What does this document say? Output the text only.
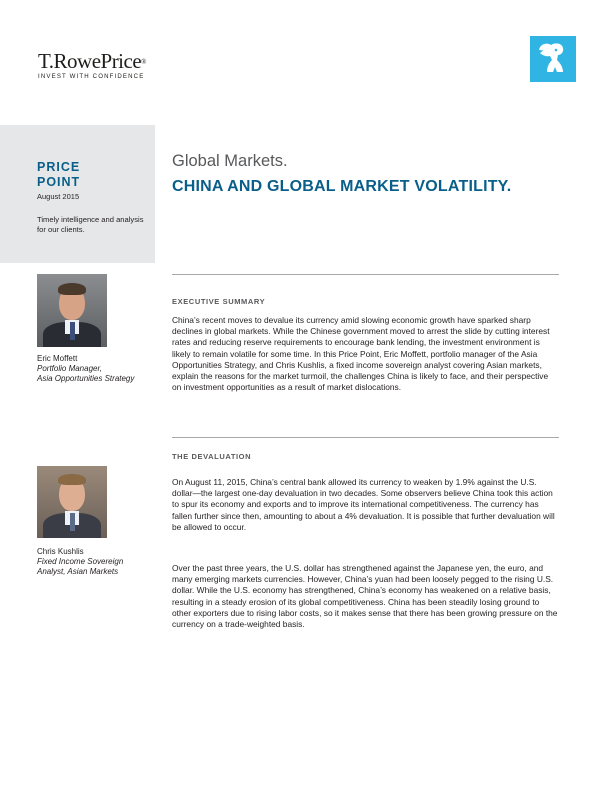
T.RowePrice®
INVEST WITH CONFIDENCE
PRICE
POINT
August 2015
Timely intelligence and analysis for our clients.
Global Markets.
CHINA AND GLOBAL MARKET VOLATILITY.
Eric Moffett
Portfolio Manager,
Asia Opportunities Strategy
EXECUTIVE SUMMARY
China’s recent moves to devalue its currency amid slowing economic growth have sparked sharp declines in global markets. While the Chinese government moved to arrest the slide by cutting interest rates and reducing reserve requirements to encourage bank lending, the investment environment is likely to remain volatile for some time. In this Price Point, Eric Moffett, portfolio manager of the Asia Opportunities Strategy, and Chris Kushlis, a fixed income sovereign analyst covering Asian markets, explain the reasons for the market turmoil, the challenges China is likely to face, and their perspective on investment opportunities as a result of market dislocations.
Chris Kushlis
Fixed Income Sovereign
Analyst, Asian Markets
THE DEVALUATION
On August 11, 2015, China’s central bank allowed its currency to weaken by 1.9% against the U.S. dollar—the largest one-day devaluation in two decades. Some observers believe China took this action to spur its economy and exports and to improve its international competitiveness. The currency has fallen further since then, amounting to about a 4% devaluation. It is possible that further devaluation will be allowed to occur.
Over the past three years, the U.S. dollar has strengthened against the Japanese yen, the euro, and many emerging markets currencies. However, China’s yuan had been loosely pegged to the rising U.S. dollar. While the U.S. economy has strengthened, China’s economy has weakened on a relative basis, resulting in a steady erosion of its global competitiveness. China has been steadily losing ground to other exporters due to rising labor costs, so it makes sense that there has been growing pressure on the currency on a trade-weighted basis.
